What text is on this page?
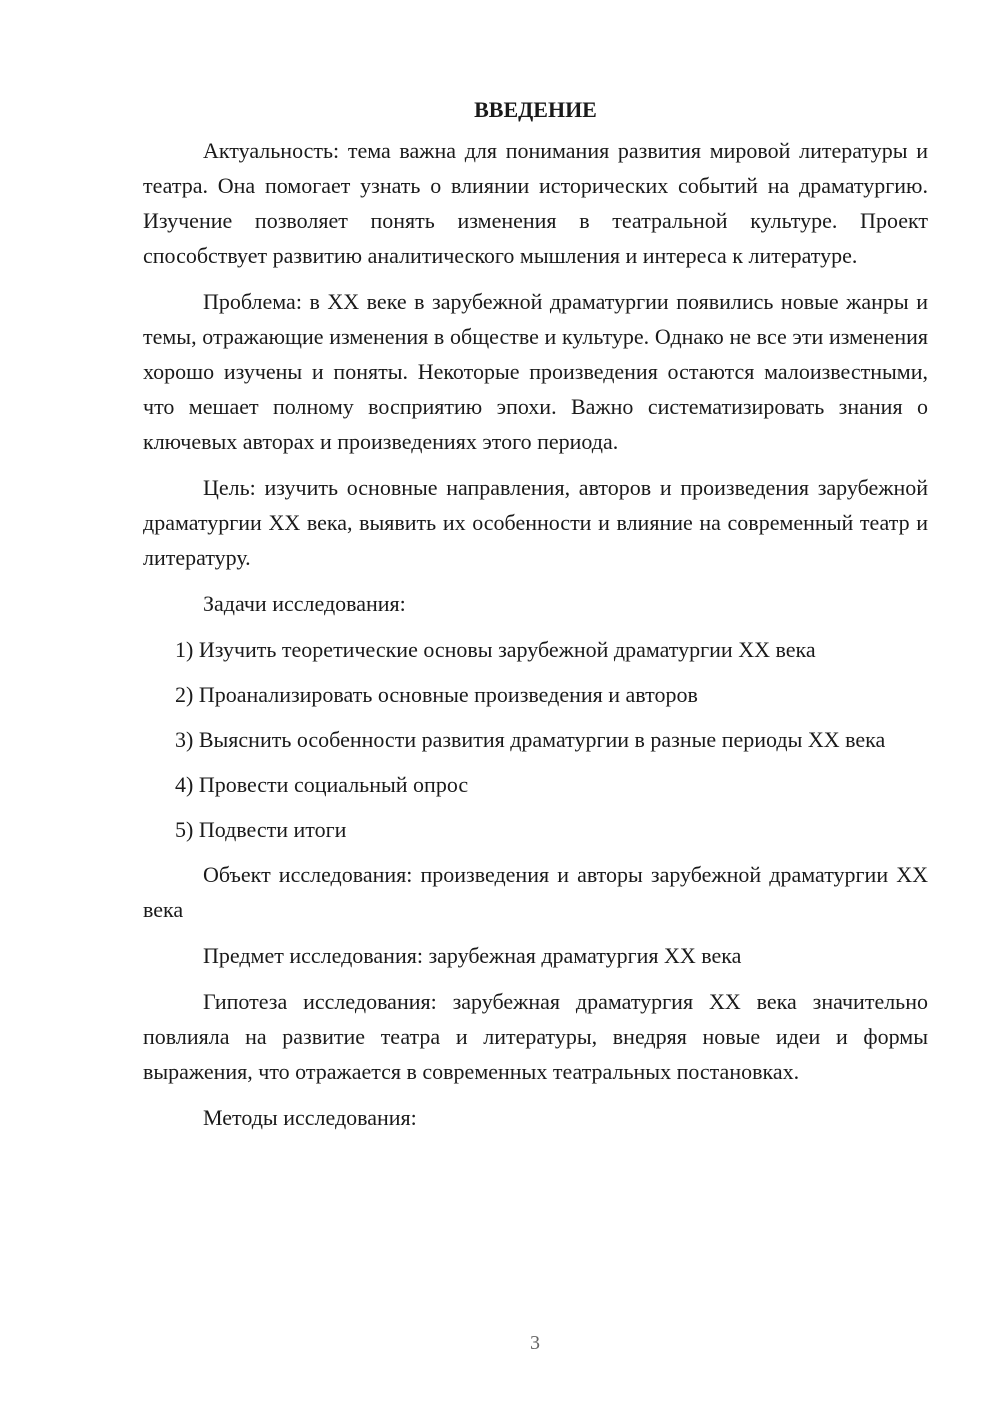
ВВЕДЕНИЕ

Актуальность: тема важна для понимания развития мировой литературы и театра. Она помогает узнать о влиянии исторических событий на драматургию. Изучение позволяет понять изменения в театральной культуре. Проект способствует развитию аналитического мышления и интереса к литературе.

Проблема: в XX веке в зарубежной драматургии появились новые жанры и темы, отражающие изменения в обществе и культуре. Однако не все эти изменения хорошо изучены и поняты. Некоторые произведения остаются малоизвестными, что мешает полному восприятию эпохи. Важно систематизировать знания о ключевых авторах и произведениях этого периода.

Цель: изучить основные направления, авторов и произведения зарубежной драматургии XX века, выявить их особенности и влияние на современный театр и литературу.

Задачи исследования:

1) Изучить теоретические основы зарубежной драматургии XX века

2) Проанализировать основные произведения и авторов

3) Выяснить особенности развития драматургии в разные периоды XX века

4) Провести социальный опрос

5) Подвести итоги

Объект исследования: произведения и авторы зарубежной драматургии XX века

Предмет исследования: зарубежная драматургия XX века

Гипотеза исследования: зарубежная драматургия XX века значительно повлияла на развитие театра и литературы, внедряя новые идеи и формы выражения, что отражается в современных театральных постановках.

Методы исследования:

3
